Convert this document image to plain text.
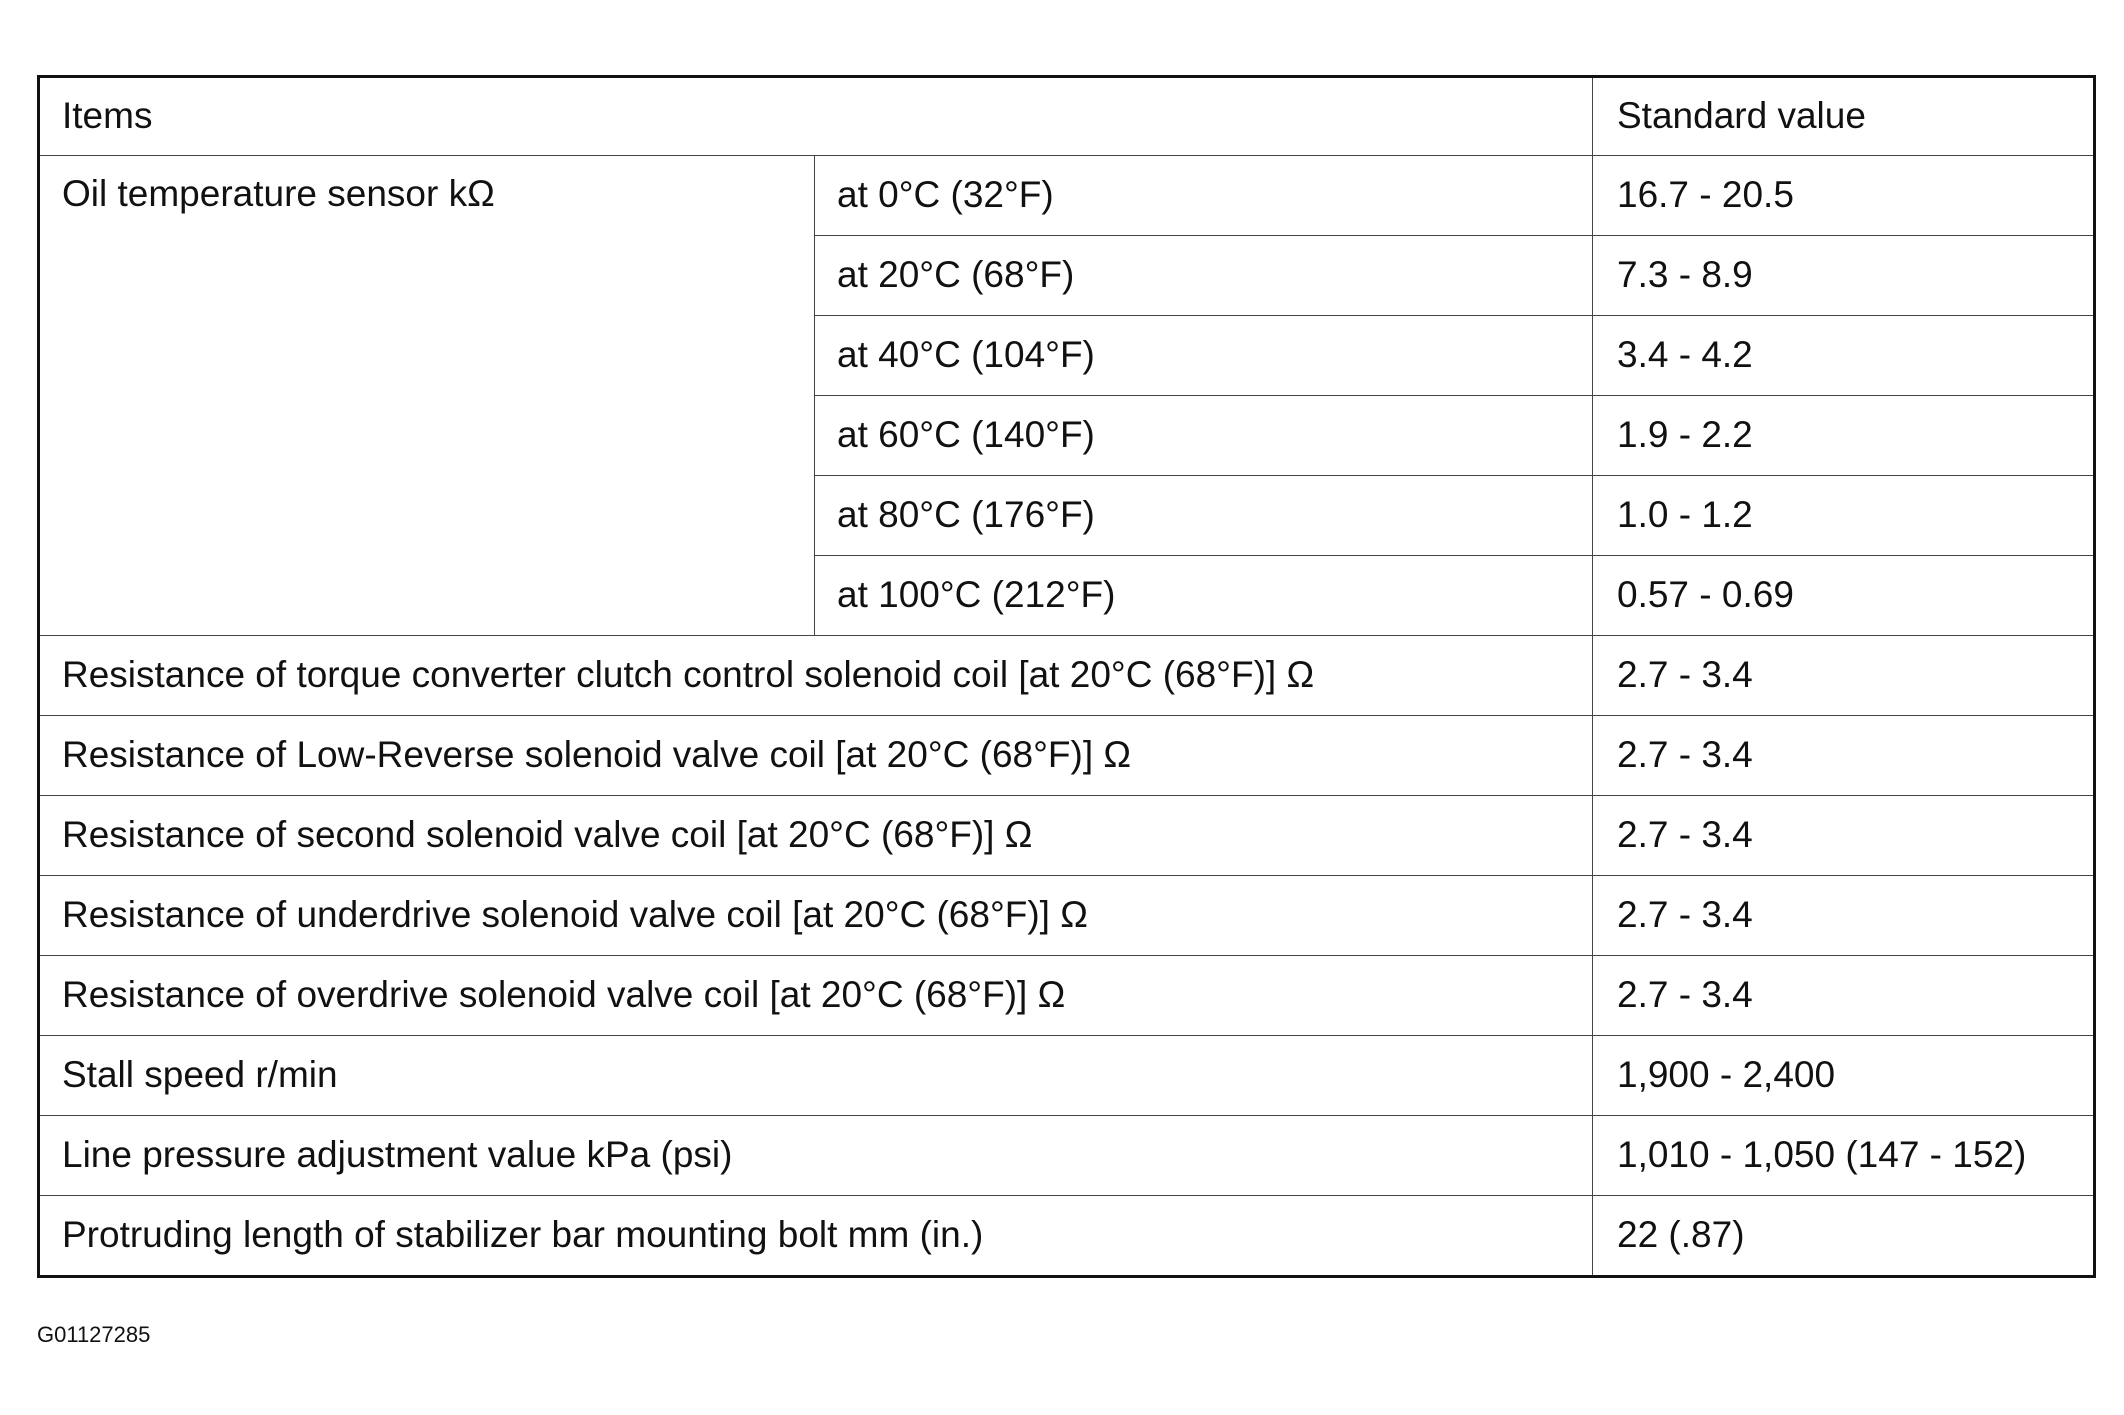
Items		Standard value
Oil temperature sensor kΩ	at 0°C (32°F)	16.7 - 20.5
	at 20°C (68°F)	7.3 - 8.9
	at 40°C (104°F)	3.4 - 4.2
	at 60°C (140°F)	1.9 - 2.2
	at 80°C (176°F)	1.0 - 1.2
	at 100°C (212°F)	0.57 - 0.69
Resistance of torque converter clutch control solenoid coil [at 20°C (68°F)] Ω		2.7 - 3.4
Resistance of Low-Reverse solenoid valve coil [at 20°C (68°F)] Ω		2.7 - 3.4
Resistance of second solenoid valve coil [at 20°C (68°F)] Ω		2.7 - 3.4
Resistance of underdrive solenoid valve coil [at 20°C (68°F)] Ω		2.7 - 3.4
Resistance of overdrive solenoid valve coil [at 20°C (68°F)] Ω		2.7 - 3.4
Stall speed r/min		1,900 - 2,400
Line pressure adjustment value kPa (psi)		1,010 - 1,050 (147 - 152)
Protruding length of stabilizer bar mounting bolt mm (in.)		22 (.87)
G01127285
